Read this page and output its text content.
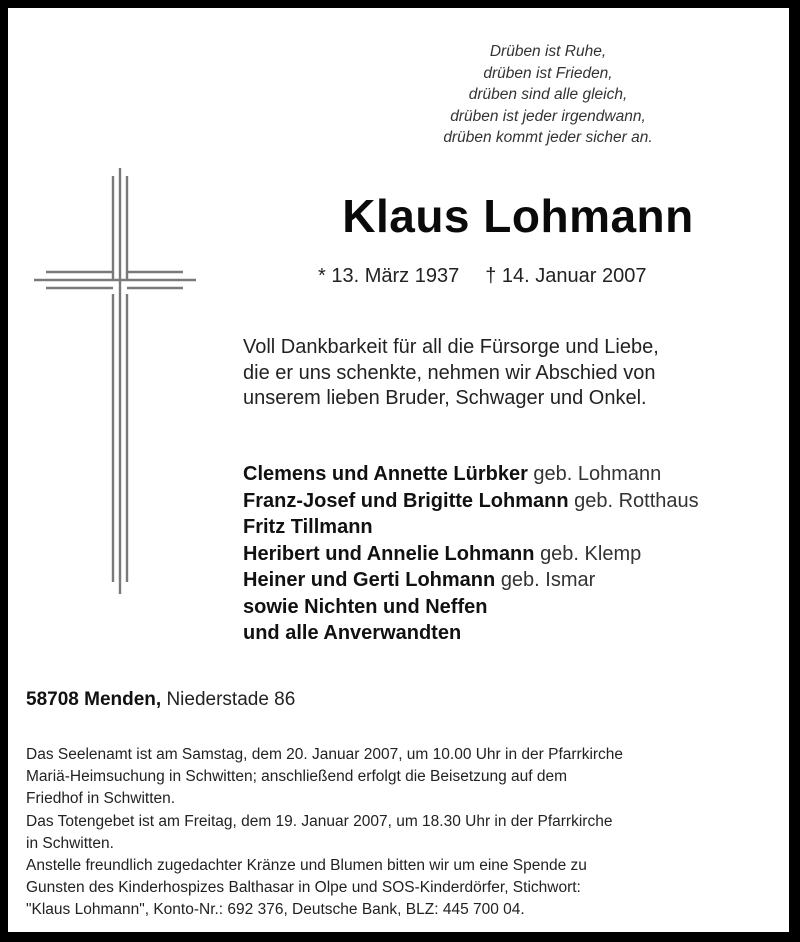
Drüben ist Ruhe,
drüben ist Frieden,
drüben sind alle gleich,
drüben ist jeder irgendwann,
drüben kommt jeder sicher an.
Klaus Lohmann
* 13. März 1937 † 14. Januar 2007
Voll Dankbarkeit für all die Fürsorge und Liebe,
die er uns schenkte, nehmen wir Abschied von
unserem lieben Bruder, Schwager und Onkel.
Clemens und Annette Lürbker geb. Lohmann
Franz-Josef und Brigitte Lohmann geb. Rotthaus
Fritz Tillmann
Heribert und Annelie Lohmann geb. Klemp
Heiner und Gerti Lohmann geb. Ismar
sowie Nichten und Neffen
und alle Anverwandten
58708 Menden, Niederstade 86
Das Seelenamt ist am Samstag, dem 20. Januar 2007, um 10.00 Uhr in der Pfarrkirche
Mariä-Heimsuchung in Schwitten; anschließend erfolgt die Beisetzung auf dem
Friedhof in Schwitten.
Das Totengebet ist am Freitag, dem 19. Januar 2007, um 18.30 Uhr in der Pfarrkirche
in Schwitten.
Anstelle freundlich zugedachter Kränze und Blumen bitten wir um eine Spende zu
Gunsten des Kinderhospizes Balthasar in Olpe und SOS-Kinderdörfer, Stichwort:
"Klaus Lohmann", Konto-Nr.: 692 376, Deutsche Bank, BLZ: 445 700 04.
